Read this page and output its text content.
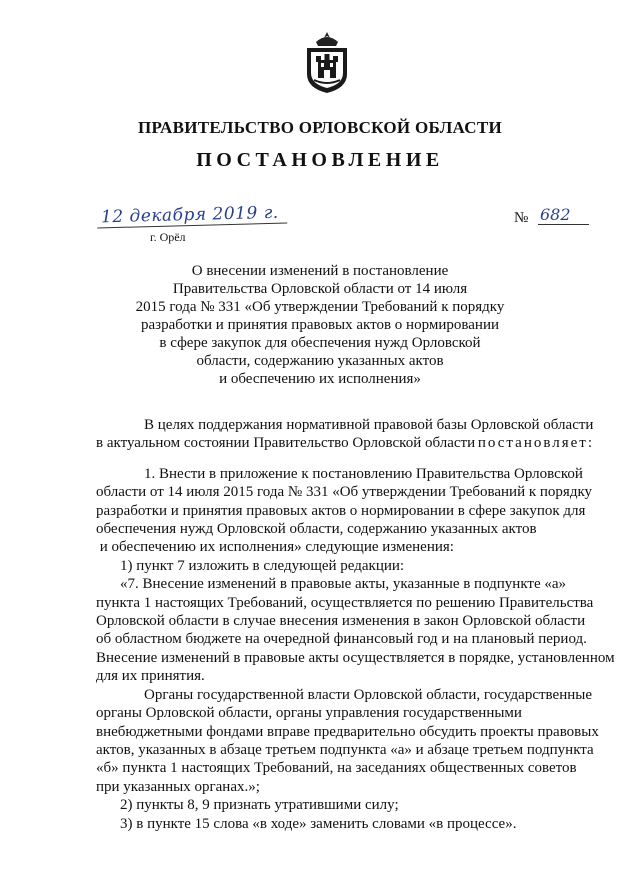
ПРАВИТЕЛЬСТВО ОРЛОВСКОЙ ОБЛАСТИ
ПОСТАНОВЛЕНИЕ
12 декабря 2019 г.
г. Орёл
№ 682
О внесении изменений в постановление
Правительства Орловской области от 14 июля
2015 года № 331 «Об утверждении Требований к порядку
разработки и принятия правовых актов о нормировании
в сфере закупок для обеспечения нужд Орловской
области, содержанию указанных актов
и обеспечению их исполнения»
В целях поддержания нормативной правовой базы Орловской области
в актуальном состоянии Правительство Орловской области постановляет:
1. Внести в приложение к постановлению Правительства Орловской
области от 14 июля 2015 года № 331 «Об утверждении Требований к порядку
разработки и принятия правовых актов о нормировании в сфере закупок для
обеспечения нужд Орловской области, содержанию указанных актов
и обеспечению их исполнения» следующие изменения:
1) пункт 7 изложить в следующей редакции:
«7. Внесение изменений в правовые акты, указанные в подпункте «а»
пункта 1 настоящих Требований, осуществляется по решению Правительства
Орловской области в случае внесения изменения в закон Орловской области
об областном бюджете на очередной финансовый год и на плановый период.
Внесение изменений в правовые акты осуществляется в порядке, установленном
для их принятия.
Органы государственной власти Орловской области, государственные
органы Орловской области, органы управления государственными
внебюджетными фондами вправе предварительно обсудить проекты правовых
актов, указанных в абзаце третьем подпункта «а» и абзаце третьем подпункта
«б» пункта 1 настоящих Требований, на заседаниях общественных советов
при указанных органах.»;
2) пункты 8, 9 признать утратившими силу;
3) в пункте 15 слова «в ходе» заменить словами «в процессе».
